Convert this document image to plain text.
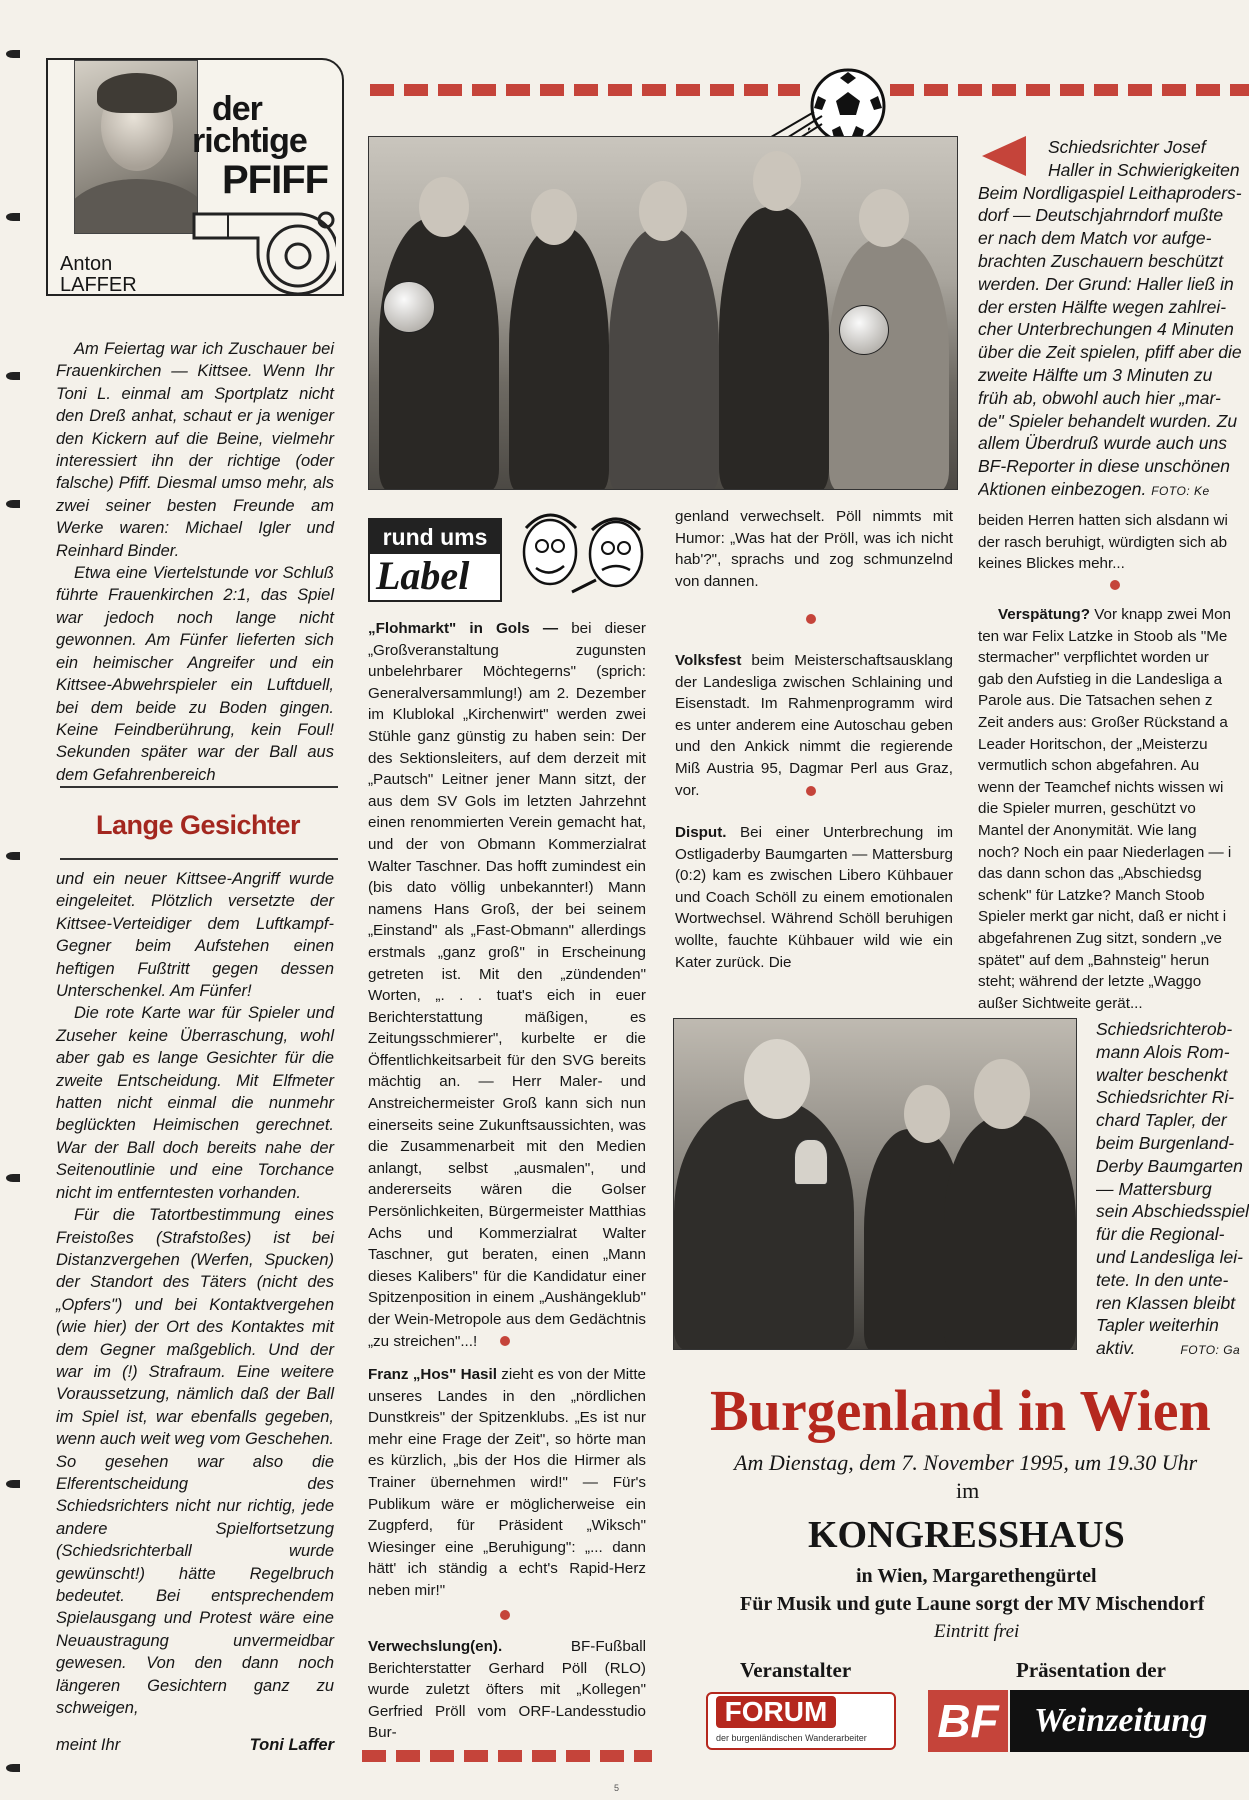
der
richtige
PFIFF
Anton
LAFFER

Am Feiertag war ich Zuschauer bei Frauenkirchen — Kittsee. Wenn Ihr Toni L. einmal am Sportplatz nicht den Dreß anhat, schaut er ja weniger den Kickern auf die Beine, vielmehr interessiert ihn der richtige (oder falsche) Pfiff. Diesmal umso mehr, als zwei seiner besten Freunde am Werke waren: Michael Igler und Reinhard Binder.

Etwa eine Viertelstunde vor Schluß führte Frauenkirchen 2:1, das Spiel war jedoch noch lange nicht gewonnen. Am Fünfer lieferten sich ein heimischer Angreifer und ein Kittsee-Abwehrspieler ein Luftduell, bei dem beide zu Boden gingen. Keine Feindberührung, kein Foul! Sekunden später war der Ball aus dem Gefahrenbereich

Lange Gesichter

und ein neuer Kittsee-Angriff wurde eingeleitet. Plötzlich versetzte der Kittsee-Verteidiger dem Luftkampf-Gegner beim Aufstehen einen heftigen Fußtritt gegen dessen Unterschenkel. Am Fünfer!

Die rote Karte war für Spieler und Zuseher keine Überraschung, wohl aber gab es lange Gesichter für die zweite Entscheidung. Mit Elfmeter hatten nicht einmal die nunmehr beglückten Heimischen gerechnet. War der Ball doch bereits nahe der Seitenoutlinie und eine Torchance nicht im entferntesten vorhanden.

Für die Tatortbestimmung eines Freistoßes (Strafstoßes) ist bei Distanzvergehen (Werfen, Spucken) der Standort des Täters (nicht des „Opfers") und bei Kontaktvergehen (wie hier) der Ort des Kontaktes mit dem Gegner maßgeblich. Und der war im (!) Strafraum. Eine weitere Voraussetzung, nämlich daß der Ball im Spiel ist, war ebenfalls gegeben, wenn auch weit weg vom Geschehen. So gesehen war also die Elferentscheidung des Schiedsrichters nicht nur richtig, jede andere Spielfortsetzung (Schiedsrichterball wurde gewünscht!) hätte Regelbruch bedeutet. Bei entsprechendem Spielausgang und Protest wäre eine Neuaustragung unvermeidbar gewesen. Von den dann noch längeren Gesichtern ganz zu schweigen,

meint Ihr	Toni Laffer
Schiedsrichter Josef
Haller in Schwierigkeiten
Beim Nordligaspiel Leithaproders-
dorf — Deutschjahrndorf mußte
er nach dem Match vor aufge-
brachten Zuschauern beschützt
werden. Der Grund: Haller ließ in
der ersten Hälfte wegen zahlrei-
cher Unterbrechungen 4 Minuten
über die Zeit spielen, pfiff aber die
zweite Hälfte um 3 Minuten zu
früh ab, obwohl auch hier „mar-
de" Spieler behandelt wurden. Zu
allem Überdruß wurde auch uns
BF-Reporter in diese unschönen
Aktionen einbezogen. FOTO: Ke
rund ums
Label

„Flohmarkt" in Gols — bei dieser „Großveranstaltung zugunsten unbelehrbarer Möchtegerns" (sprich: Generalversammlung!) am 2. Dezember im Klublokal „Kirchenwirt" werden zwei Stühle ganz günstig zu haben sein: Der des Sektionsleiters, auf dem derzeit mit „Pautsch" Leitner jener Mann sitzt, der aus dem SV Gols im letzten Jahrzehnt einen renommierten Verein gemacht hat, und der von Obmann Kommerzialrat Walter Taschner. Das hofft zumindest ein (bis dato völlig unbekannter!) Mann namens Hans Groß, der bei seinem „Einstand" als „Fast-Obmann" allerdings erstmals „ganz groß" in Erscheinung getreten ist. Mit den „zündenden" Worten, „. . . tuat's eich in euer Berichterstattung mäßigen, es Zeitungsschmierer", kurbelte er die Öffentlichkeitsarbeit für den SVG bereits mächtig an. — Herr Maler- und Anstreichermeister Groß kann sich nun einerseits seine Zukunftsaussichten, was die Zusammenarbeit mit den Medien anlangt, selbst „ausmalen", und andererseits wären die Golser Persönlichkeiten, Bürgermeister Matthias Achs und Kommerzialrat Walter Taschner, gut beraten, einen „Mann dieses Kalibers" für die Kandidatur einer Spitzenposition in einem „Aushängeklub" der Wein-Metropole aus dem Gedächtnis „zu streichen"...!

Franz „Hos" Hasil zieht es von der Mitte unseres Landes in den „nördlichen Dunstkreis" der Spitzenklubs. „Es ist nur mehr eine Frage der Zeit", so hörte man es kürzlich, „bis der Hos die Hirmer als Trainer übernehmen wird!" — Für's Publikum wäre er möglicherweise ein Zugpferd, für Präsident „Wiksch" Wiesinger eine „Beruhigung": „... dann hätt' ich ständig a echt's Rapid-Herz neben mir!"

Verwechslung(en).	BF-Fußball Berichterstatter Gerhard Pöll (RLO) wurde zuletzt öfters mit „Kollegen" Gerfried Pröll vom ORF-Landesstudio Bur-

genland verwechselt. Pöll nimmts mit Humor: „Was hat der Pröll, was ich nicht hab'?", sprachs und zog schmunzelnd von dannen.

Volksfest beim Meisterschaftsausklang der Landesliga zwischen Schlaining und Eisenstadt. Im Rahmenprogramm wird es unter anderem eine Autoschau geben und den Ankick nimmt die regierende Miß Austria 95, Dagmar Perl aus Graz, vor.

Disput. Bei einer Unterbrechung im Ostligaderby Baumgarten — Mattersburg (0:2) kam es zwischen Libero Kühbauer und Coach Schöll zu einem emotionalen Wortwechsel. Während Schöll beruhigen wollte, fauchte Kühbauer wild wie ein Kater zurück. Die

beiden Herren hatten sich alsdann wi
der rasch beruhigt, würdigten sich ab
keines Blickes mehr...
Verspätung? Vor knapp zwei Mon
ten war Felix Latzke in Stoob als "Me
stermacher" verpflichtet worden ur
gab den Aufstieg in die Landesliga a
Parole aus. Die Tatsachen sehen z
Zeit anders aus: Großer Rückstand a
Leader Horitschon, der „Meisterzu
vermutlich schon abgefahren. Au
wenn der Teamchef nichts wissen wi
die Spieler murren, geschützt vo
Mantel der Anonymität. Wie lang
noch? Noch ein paar Niederlagen — i
das dann schon das „Abschiedsg
schenk" für Latzke? Manch Stoob
Spieler merkt gar nicht, daß er nicht i
abgefahrenen Zug sitzt, sondern „ve
spätet" auf dem „Bahnsteig" herun
steht; während der letzte „Waggo
außer Sichtweite gerät...
Schiedsrichterob-
mann Alois Rom-
walter beschenkt
Schiedsrichter Ri-
chard Tapler, der
beim Burgenland-
Derby Baumgarten
— Mattersburg
sein Abschiedsspiel
für die Regional-
und Landesliga lei-
tete. In den unte-
ren Klassen bleibt
Tapler weiterhin
aktiv.	FOTO: Ga
Burgenland in Wien
Am Dienstag, dem 7. November 1995, um 19.30 Uhr
im
KONGRESSHAUS
in Wien, Margarethengürtel
Für Musik und gute Laune sorgt der MV Mischendorf
Eintritt frei
Veranstalter	Präsentation der
FORUM
der burgenländischen Wanderarbeiter BF	Weinzeitung
5
